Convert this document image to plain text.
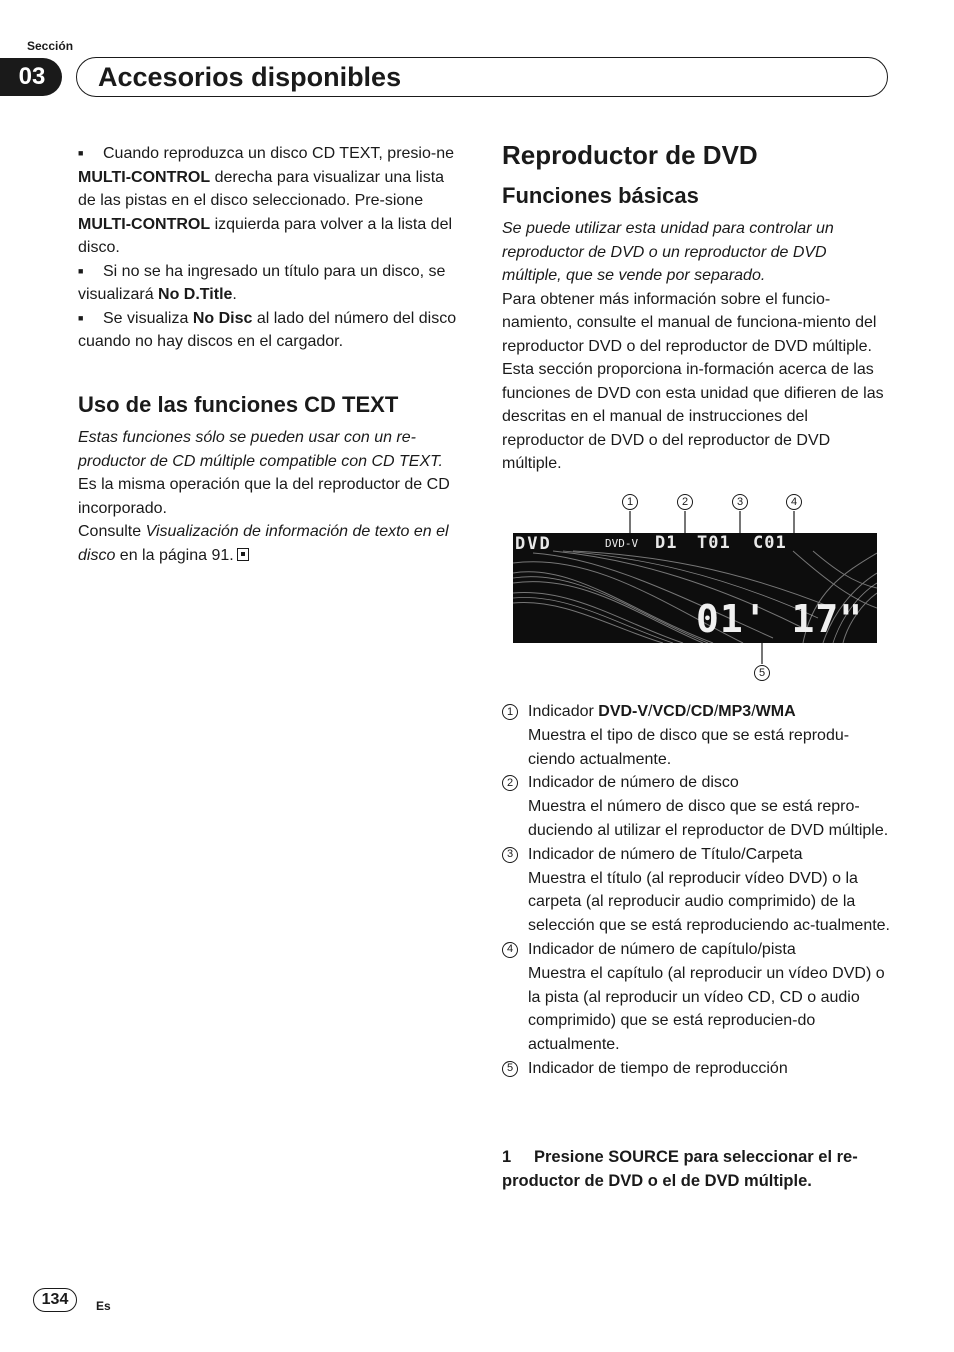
Sección
03	Accesorios disponibles

■ Cuando reproduzca un disco CD TEXT, presio-ne MULTI-CONTROL derecha para visualizar una lista de las pistas en el disco seleccionado. Pre-sione MULTI-CONTROL izquierda para volver a la lista del disco.

■ Si no se ha ingresado un título para un disco, se visualizará No D.Title.

■ Se visualiza No Disc al lado del número del disco cuando no hay discos en el cargador.

Uso de las funciones CD TEXT

Estas funciones sólo se pueden usar con un re-productor de CD múltiple compatible con CD TEXT.

Es la misma operación que la del reproductor de CD incorporado.

Consulte Visualización de información de texto en el disco en la página 91.

Reproductor de DVD
Funciones básicas

Se puede utilizar esta unidad para controlar un reproductor de DVD o un reproductor de DVD múltiple, que se vende por separado.

Para obtener más información sobre el funcio-namiento, consulte el manual de funciona-miento del reproductor DVD o del reproductor de DVD múltiple. Esta sección proporciona in-formación acerca de las funciones de DVD con esta unidad que difieren de las descritas en el manual de instrucciones del reproductor de DVD o del reproductor de DVD múltiple.

1	2	3	4
DVD	DVD-V D1 T01 C01
01' 17"
5
1 Indicador DVD-V/VCD/CD/MP3/WMA
Muestra el tipo de disco que se está reprodu-ciendo actualmente.
2 Indicador de número de disco
Muestra el número de disco que se está repro-duciendo al utilizar el reproductor de DVD múltiple.
3 Indicador de número de Título/Carpeta
Muestra el título (al reproducir vídeo DVD) o la carpeta (al reproducir audio comprimido) de la selección que se está reproduciendo ac-tualmente.
4 Indicador de número de capítulo/pista
Muestra el capítulo (al reproducir un vídeo DVD) o la pista (al reproducir un vídeo CD, CD o audio comprimido) que se está reproducien-do actualmente.
5 Indicador de tiempo de reproducción
1 Presione SOURCE para seleccionar el re-productor de DVD o el de DVD múltiple.
134	Es
